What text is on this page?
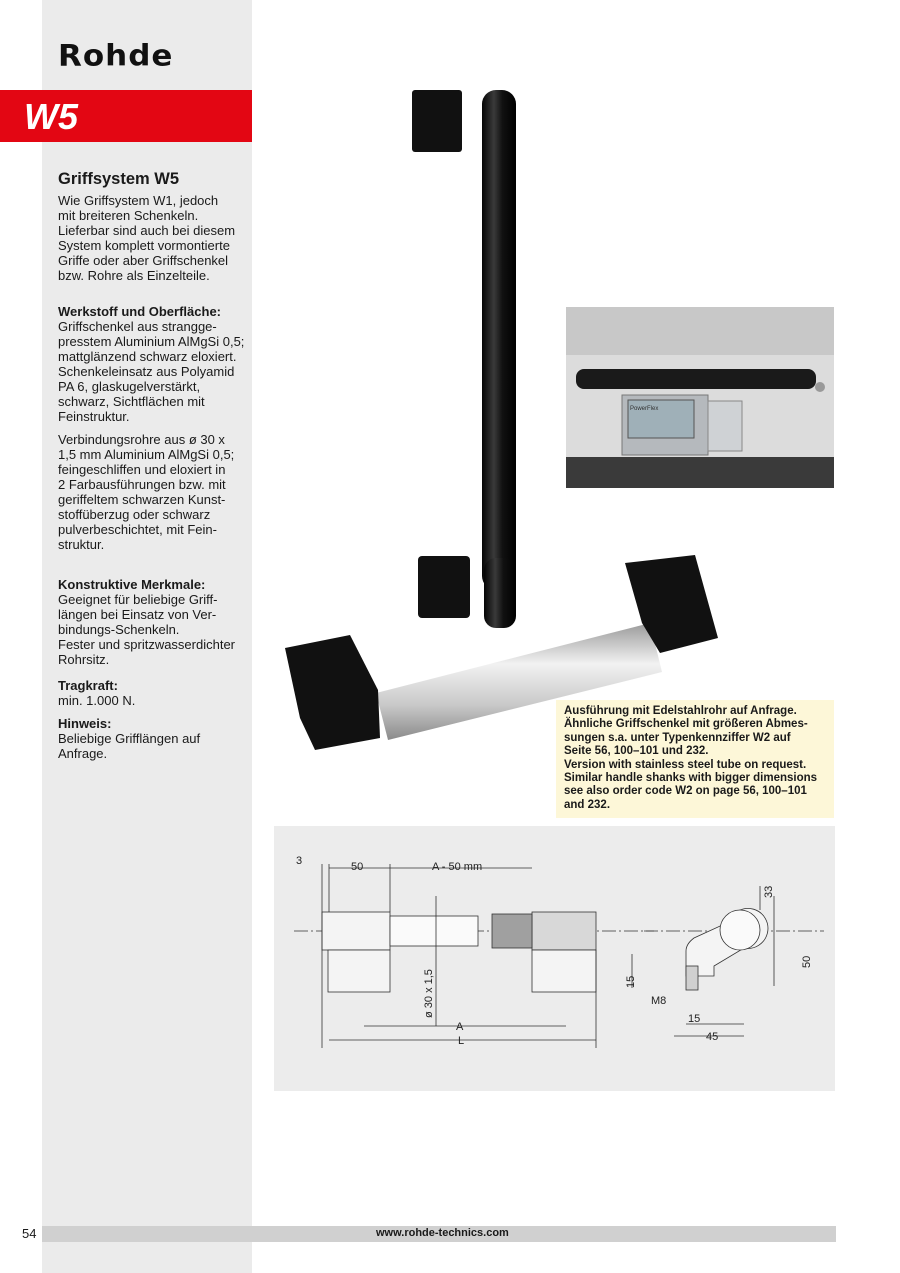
Rohde
W5
Griffsystem W5

Wie Griffsystem W1, jedoch
mit breiteren Schenkeln.
Lieferbar sind auch bei diesem
System komplett vormontierte
Griffe oder aber Griffschenkel
bzw. Rohre als Einzelteile.

Werkstoff und Oberfläche:

Griffschenkel aus strangge-
presstem Aluminium AlMgSi 0,5;
mattglänzend schwarz eloxiert.
Schenkeleinsatz aus Polyamid
PA 6, glaskugelverstärkt,
schwarz, Sichtflächen mit
Feinstruktur.

Verbindungsrohre aus ø 30 x
1,5 mm Aluminium AlMgSi 0,5;
feingeschliffen und eloxiert in
2 Farbausführungen bzw. mit
geriffeltem schwarzen Kunst-
stoffüberzug oder schwarz
pulverbeschichtet, mit Fein-
struktur.

Konstruktive Merkmale:

Geeignet für beliebige Griff-
längen bei Einsatz von Ver-
bindungs-Schenkeln.
Fester und spritzwasserdichter
Rohrsitz.

Tragkraft:

min. 1.000 N.

Hinweis:

Beliebige Grifflängen auf
Anfrage.

PowerFlex
Ausführung mit Edelstahlrohr auf Anfrage.
Ähnliche Griffschenkel mit größeren Abmes-
sungen s.a. unter Typenkennziffer W2 auf
Seite 56, 100–101 und 232.
Version with stainless steel tube on request.
Similar handle shanks with bigger dimensions
see also order code W2 on page 56, 100–101
and 232.
3	50	A - 50 mm
ø 30 x 1,5
A
L
33
50
15
M8
15
45
54	www.rohde-technics.com
